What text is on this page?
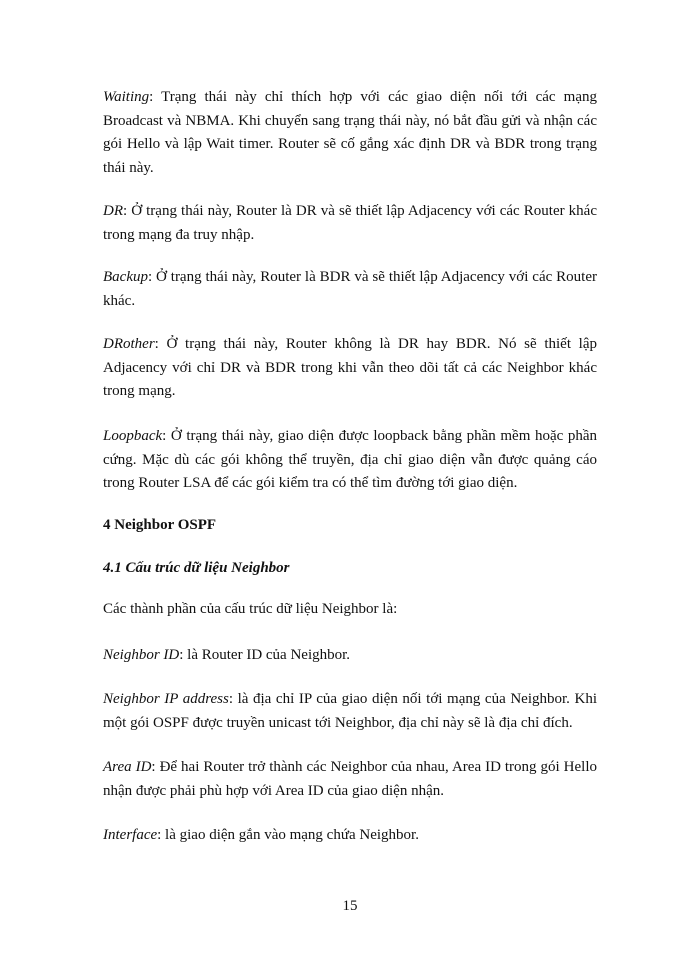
Waiting: Trạng thái này chỉ thích hợp với các giao diện nối tới các mạng Broadcast và NBMA. Khi chuyển sang trạng thái này, nó bắt đầu gửi và nhận các gói Hello và lập Wait timer. Router sẽ cố gắng xác định DR và BDR trong trạng thái này.

DR: Ở trạng thái này, Router là DR và sẽ thiết lập Adjacency với các Router khác trong mạng đa truy nhập.

Backup: Ở trạng thái này, Router là BDR và sẽ thiết lập Adjacency với các Router khác.

DRother: Ở trạng thái này, Router không là DR hay BDR. Nó sẽ thiết lập Adjacency với chỉ DR và BDR trong khi vẫn theo dõi tất cả các Neighbor khác trong mạng.

Loopback: Ở trạng thái này, giao diện được loopback bằng phần mềm hoặc phần cứng. Mặc dù các gói không thể truyền, địa chỉ giao diện vẫn được quảng cáo trong Router LSA để các gói kiểm tra có thể tìm đường tới giao diện.

4 Neighbor OSPF
4.1 Cấu trúc dữ liệu Neighbor

Các thành phần của cấu trúc dữ liệu Neighbor là:

Neighbor ID: là Router ID của Neighbor.

Neighbor IP address: là địa chỉ IP của giao diện nối tới mạng của Neighbor. Khi một gói OSPF được truyền unicast tới Neighbor, địa chỉ này sẽ là địa chỉ đích.

Area ID: Để hai Router trở thành các Neighbor của nhau, Area ID trong gói Hello nhận được phải phù hợp với Area ID của giao diện nhận.

Interface: là giao diện gắn vào mạng chứa Neighbor.

15
